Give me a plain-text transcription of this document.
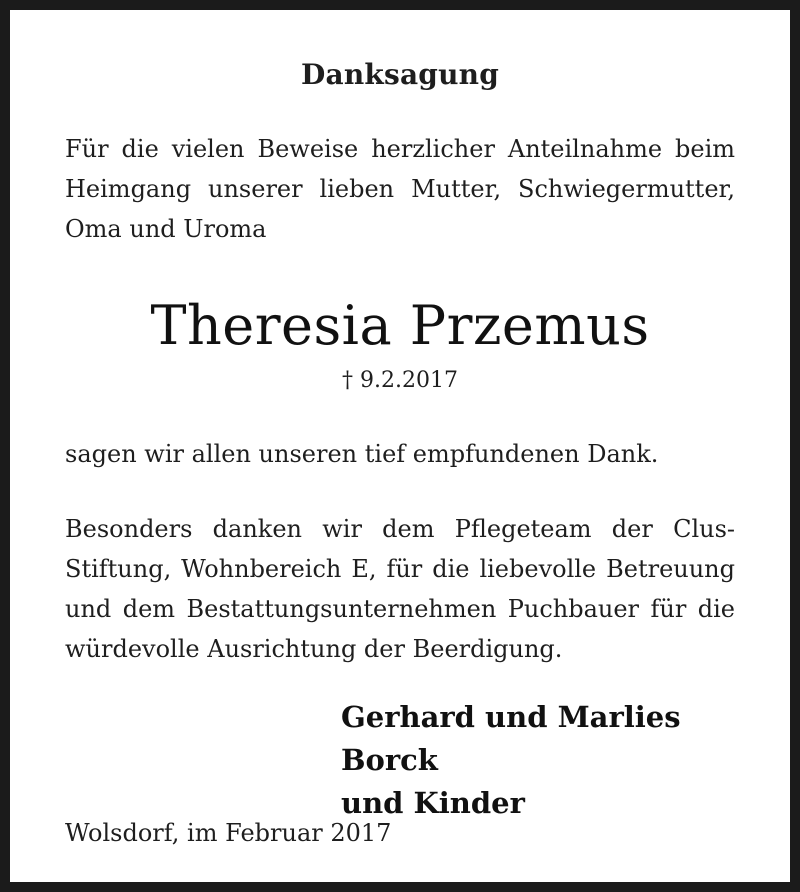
Danksagung
Für die vielen Beweise herzlicher Anteilnahme beim Heimgang unserer lieben Mutter, Schwiegermutter, Oma und Uroma
Theresia Przemus
† 9.2.2017
sagen wir allen unseren tief empfundenen Dank.
Besonders danken wir dem Pflegeteam der Clus-Stiftung, Wohnbereich E, für die liebevolle Betreuung und dem Bestattungsunternehmen Puchbauer für die würdevolle Ausrichtung der Beerdigung.
Gerhard und Marlies Borck
und Kinder
Wolsdorf, im Februar 2017
